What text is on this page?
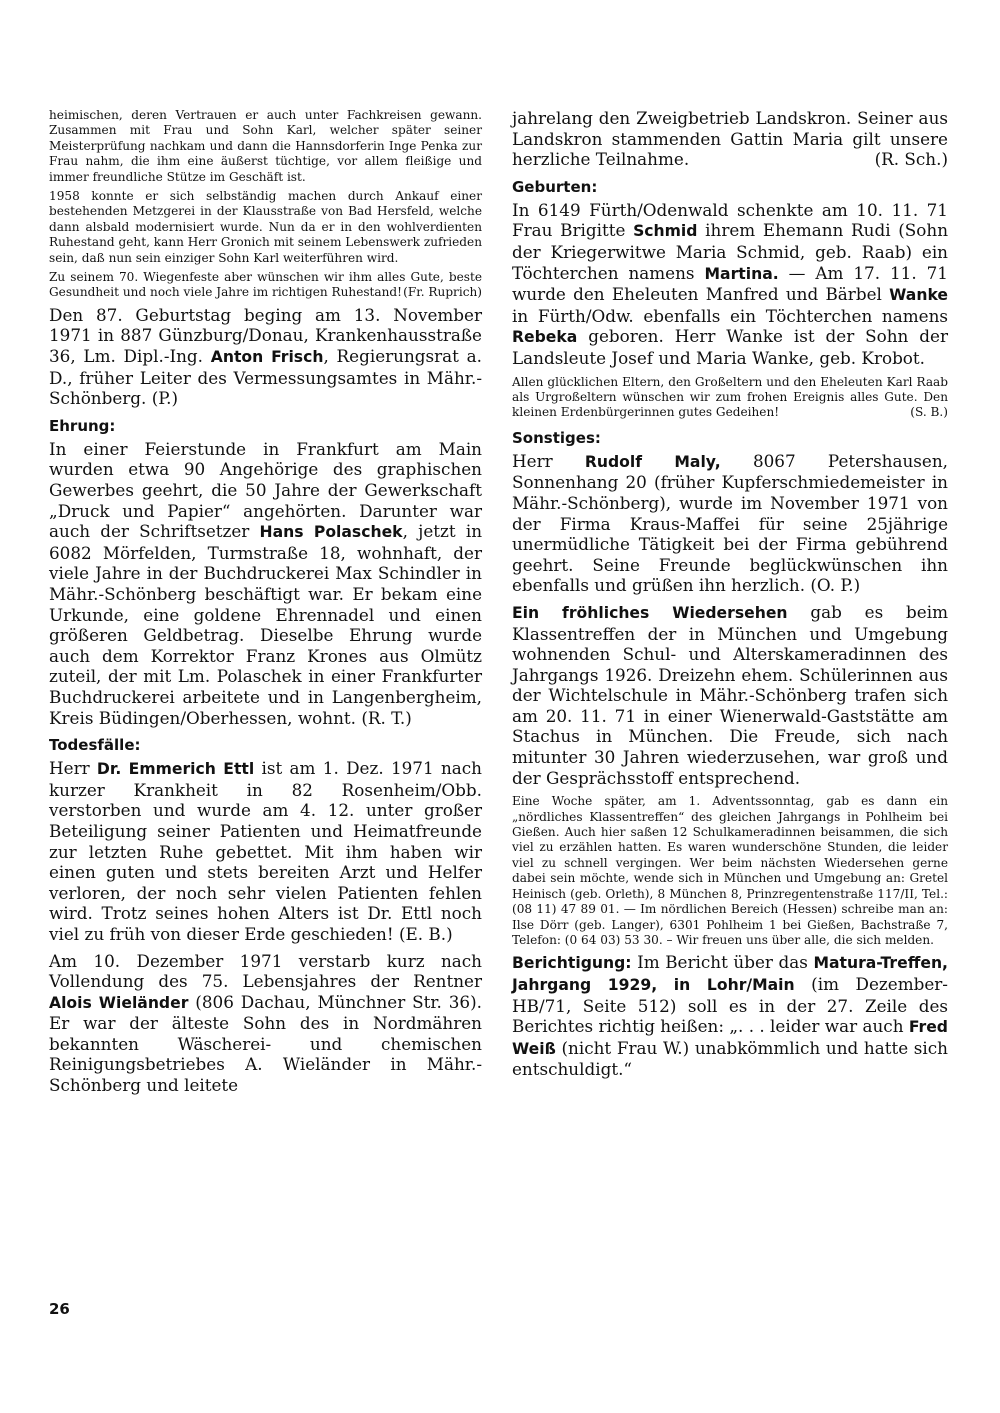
heimischen, deren Vertrauen er auch unter Fachkreisen gewann. Zusammen mit Frau und Sohn Karl, welcher später seiner Meisterprüfung nachkam und dann die Hannsdorferin Inge Penka zur Frau nahm, die ihm eine äußerst tüchtige, vor allem fleißige und immer freundliche Stütze im Geschäft ist.

1958 konnte er sich selbständig machen durch Ankauf einer bestehenden Metzgerei in der Klausstraße von Bad Hersfeld, welche dann alsbald modernisiert wurde. Nun da er in den wohlverdienten Ruhestand geht, kann Herr Gronich mit seinem Lebenswerk zufrieden sein, daß nun sein einziger Sohn Karl weiterführen wird.

Zu seinem 70. Wiegenfeste aber wünschen wir ihm alles Gute, beste Gesundheit und noch viele Jahre im richtigen Ruhestand! (Fr. Ruprich)

Den 87. Geburtstag beging am 13. November 1971 in 887 Günzburg/Donau, Krankenhausstraße 36, Lm. Dipl.-Ing. Anton Frisch, Regierungsrat a. D., früher Leiter des Vermessungsamtes in Mähr.-Schönberg. (P.)

Ehrung:

In einer Feierstunde in Frankfurt am Main wurden etwa 90 Angehörige des graphischen Gewerbes geehrt, die 50 Jahre der Gewerkschaft „Druck und Papier“ angehörten. Darunter war auch der Schriftsetzer Hans Polaschek, jetzt in 6082 Mörfelden, Turmstraße 18, wohnhaft, der viele Jahre in der Buchdruckerei Max Schindler in Mähr.-Schönberg beschäftigt war. Er bekam eine Urkunde, eine goldene Ehrennadel und einen größeren Geldbetrag. Dieselbe Ehrung wurde auch dem Korrektor Franz Krones aus Olmütz zuteil, der mit Lm. Polaschek in einer Frankfurter Buchdruckerei arbeitete und in Langenbergheim, Kreis Büdingen/Oberhessen, wohnt. (R. T.)

Todesfälle:

Herr Dr. Emmerich Ettl ist am 1. Dez. 1971 nach kurzer Krankheit in 82 Rosenheim/Obb. verstorben und wurde am 4. 12. unter großer Beteiligung seiner Patienten und Heimatfreunde zur letzten Ruhe gebettet. Mit ihm haben wir einen guten und stets bereiten Arzt und Helfer verloren, der noch sehr vielen Patienten fehlen wird. Trotz seines hohen Alters ist Dr. Ettl noch viel zu früh von dieser Erde geschieden! (E. B.)

Am 10. Dezember 1971 verstarb kurz nach Vollendung des 75. Lebensjahres der Rentner Alois Wieländer (806 Dachau, Münchner Str. 36). Er war der älteste Sohn des in Nordmähren bekannten Wäscherei- und chemischen Reinigungsbetriebes A. Wieländer in Mähr.-Schönberg und leitete

jahrelang den Zweigbetrieb Landskron. Seiner aus Landskron stammenden Gattin Maria gilt unsere herzliche Teilnahme.	(R. Sch.)

Geburten:

In 6149 Fürth/Odenwald schenkte am 10. 11. 71 Frau Brigitte Schmid ihrem Ehemann Rudi (Sohn der Kriegerwitwe Maria Schmid, geb. Raab) ein Töchterchen namens Martina. — Am 17. 11. 71 wurde den Eheleuten Manfred und Bärbel Wanke in Fürth/Odw. ebenfalls ein Töchterchen namens Rebeka geboren. Herr Wanke ist der Sohn der Landsleute Josef und Maria Wanke, geb. Krobot.

Allen glücklichen Eltern, den Großeltern und den Eheleuten Karl Raab als Urgroßeltern wünschen wir zum frohen Ereignis alles Gute. Den kleinen Erdenbürgerinnen gutes Gedeihen!	(S. B.)

Sonstiges:

Herr Rudolf Maly, 8067 Petershausen, Sonnenhang 20 (früher Kupferschmiedemeister in Mähr.-Schönberg), wurde im November 1971 von der Firma Kraus-Maffei für seine 25jährige unermüdliche Tätigkeit bei der Firma gebührend geehrt. Seine Freunde beglückwünschen ihn ebenfalls und grüßen ihn herzlich. (O. P.)

Ein fröhliches Wiedersehen gab es beim Klassentreffen der in München und Umgebung wohnenden Schul- und Alterskameradinnen des Jahrgangs 1926. Dreizehn ehem. Schülerinnen aus der Wichtelschule in Mähr.-Schönberg trafen sich am 20. 11. 71 in einer Wienerwald-Gaststätte am Stachus in München. Die Freude, sich nach mitunter 30 Jahren wiederzusehen, war groß und der Gesprächsstoff entsprechend.

Eine Woche später, am 1. Adventssonntag, gab es dann ein „nördliches Klassentreffen“ des gleichen Jahrgangs in Pohlheim bei Gießen. Auch hier saßen 12 Schulkameradinnen beisammen, die sich viel zu erzählen hatten. Es waren wunderschöne Stunden, die leider viel zu schnell vergingen. Wer beim nächsten Wiedersehen gerne dabei sein möchte, wende sich in München und Umgebung an: Gretel Heinisch (geb. Orleth), 8 München 8, Prinzregentenstraße 117/II, Tel.: (08 11) 47 89 01. — Im nördlichen Bereich (Hessen) schreibe man an: Ilse Dörr (geb. Langer), 6301 Pohlheim 1 bei Gießen, Bachstraße 7, Telefon: (0 64 03) 53 30. – Wir freuen uns über alle, die sich melden.

Berichtigung: Im Bericht über das Matura-Treffen, Jahrgang 1929, in Lohr/Main (im Dezember-HB/71, Seite 512) soll es in der 27. Zeile des Berichtes richtig heißen: „. . . leider war auch Fred Weiß (nicht Frau W.) unabkömmlich und hatte sich entschuldigt.“

26
